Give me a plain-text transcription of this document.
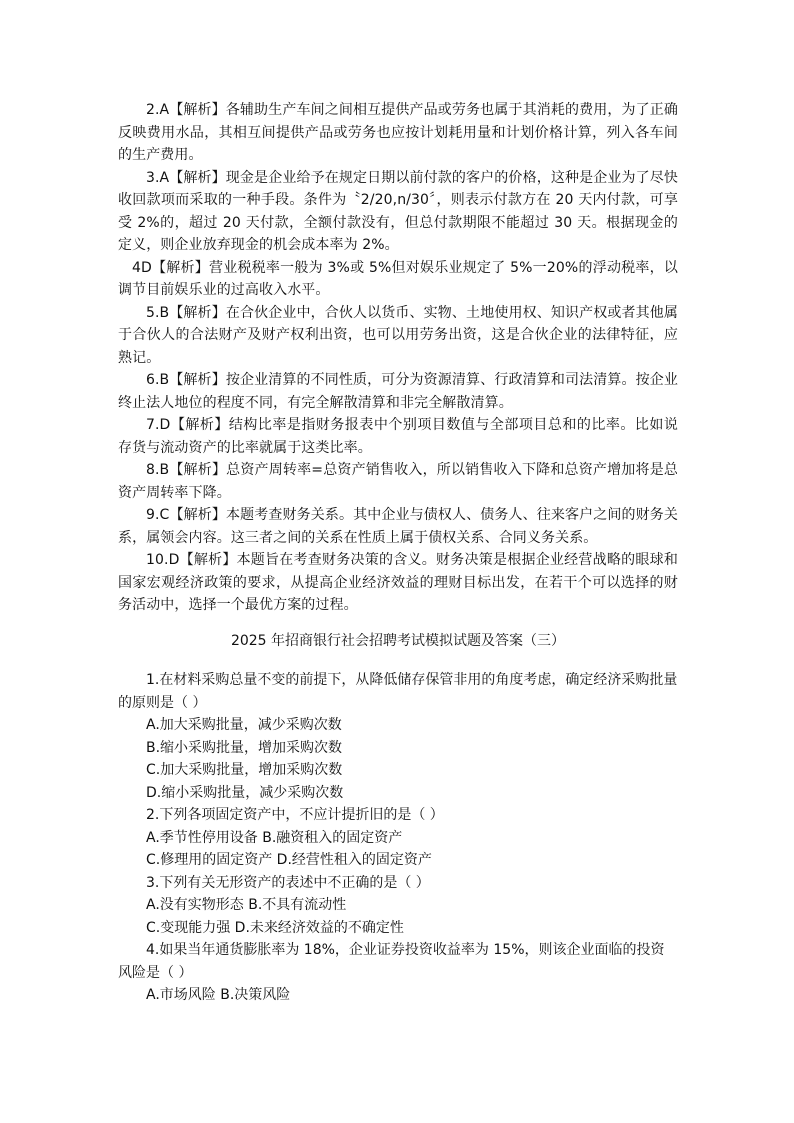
2.A【解析】各辅助生产车间之间相互提供产品或劳务也属于其消耗的费用，为了正确反映费用水品，其相互间提供产品或劳务也应按计划耗用量和计划价格计算，列入各车间的生产费用。

3.A【解析】现金是企业给予在规定日期以前付款的客户的价格，这种是企业为了尽快收回款项而采取的一种手段。条件为〝2/20,n/30〞，则表示付款方在 20 天内付款，可享受 2%的，超过 20 天付款，全额付款没有，但总付款期限不能超过 30 天。根据现金的定义，则企业放弃现金的机会成本率为 2%。

4D【解析】营业税税率一般为 3%或 5%但对娱乐业规定了 5%一20%的浮动税率，以调节目前娱乐业的过高收入水平。

5.B【解析】在合伙企业中，合伙人以货币、实物、土地使用权、知识产权或者其他属于合伙人的合法财产及财产权利出资，也可以用劳务出资，这是合伙企业的法律特征，应熟记。

6.B【解析】按企业清算的不同性质，可分为资源清算、行政清算和司法清算。按企业终止法人地位的程度不同，有完全解散清算和非完全解散清算。

7.D【解析】结构比率是指财务报表中个别项目数值与全部项目总和的比率。比如说存货与流动资产的比率就属于这类比率。

8.B【解析】总资产周转率=总资产销售收入，所以销售收入下降和总资产增加将是总资产周转率下降。

9.C【解析】本题考查财务关系。其中企业与债权人、债务人、往来客户之间的财务关系，属领会内容。这三者之间的关系在性质上属于债权关系、合同义务关系。

10.D【解析】本题旨在考查财务决策的含义。财务决策是根据企业经营战略的眼球和国家宏观经济政策的要求，从提高企业经济效益的理财目标出发，在若干个可以选择的财务活动中，选择一个最优方案的过程。

2025 年招商银行社会招聘考试模拟试题及答案（三）

1.在材料采购总量不变的前提下，从降低储存保管非用的角度考虑，确定经济采购批量的原则是（ ）

A.加大采购批量，减少采购次数

B.缩小采购批量，增加采购次数

C.加大采购批量，增加采购次数

D.缩小采购批量，减少采购次数

2.下列各项固定资产中，不应计提折旧的是（ ）

A.季节性停用设备 B.融资租入的固定资产

C.修理用的固定资产 D.经营性租入的固定资产

3.下列有关无形资产的表述中不正确的是（ ）

A.没有实物形态 B.不具有流动性

C.变现能力强 D.未来经济效益的不确定性

4.如果当年通货膨胀率为 18%，企业证券投资收益率为 15%，则该企业面临的投资风险是（ ）

A.市场风险 B.决策风险
